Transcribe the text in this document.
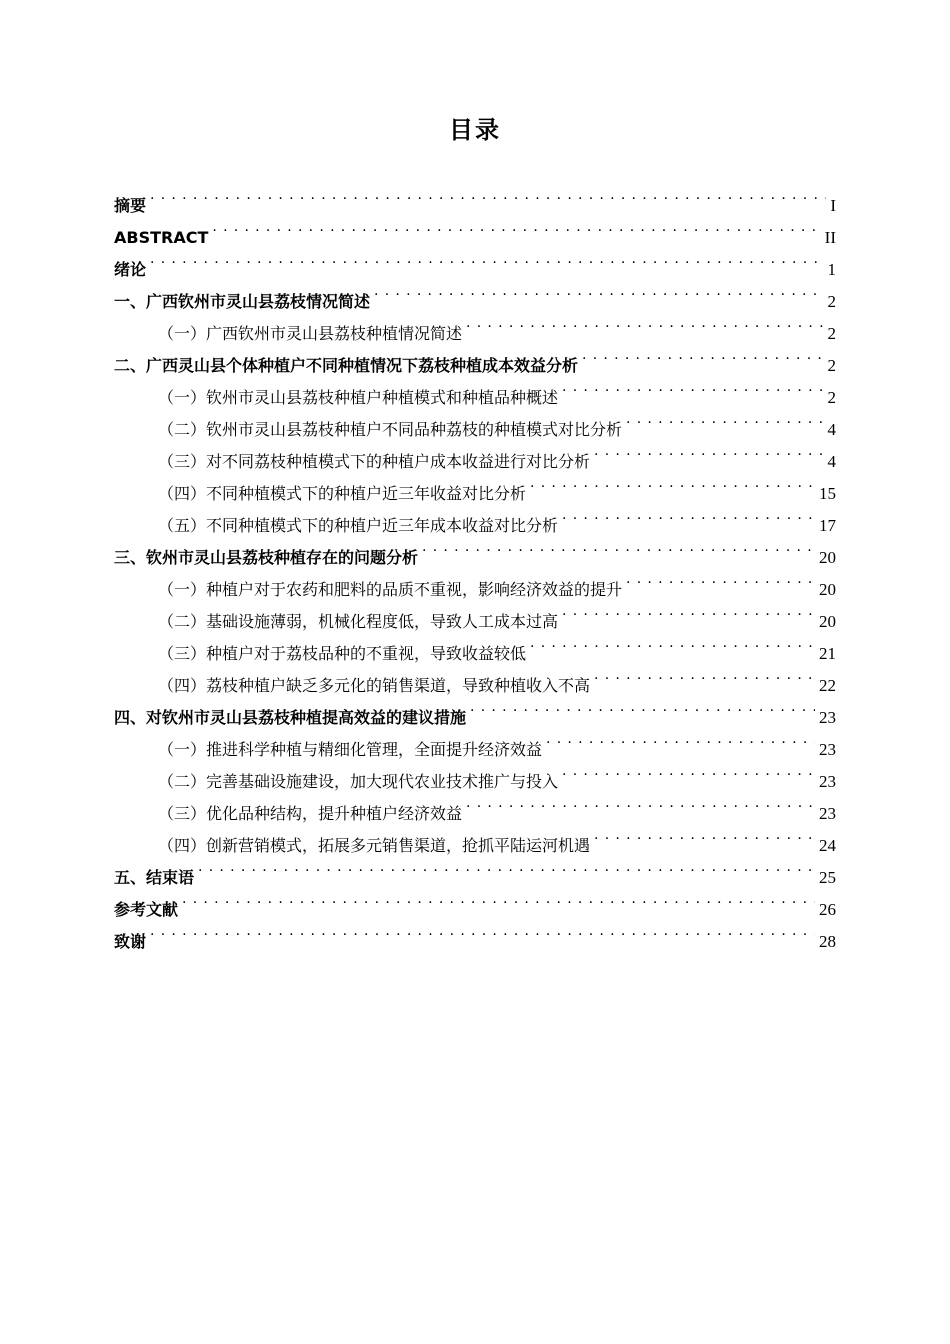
目录
摘要 . . .	I
ABSTRACT . . .	II
绪论 . . .	1
一、广西钦州市灵山县荔枝情况简述 . . .	2
（一）广西钦州市灵山县荔枝种植情况简述 . . .	2
二、广西灵山县个体种植户不同种植情况下荔枝种植成本效益分析 . . .	2
（一）钦州市灵山县荔枝种植户种植模式和种植品种概述 . . .	2
（二）钦州市灵山县荔枝种植户不同品种荔枝的种植模式对比分析 . . .	4
（三）对不同荔枝种植模式下的种植户成本收益进行对比分析 . . .	4
（四）不同种植模式下的种植户近三年收益对比分析 . . .	15
（五）不同种植模式下的种植户近三年成本收益对比分析 . . .	17
三、钦州市灵山县荔枝种植存在的问题分析 . . .	20
（一）种植户对于农药和肥料的品质不重视，影响经济效益的提升 . . .	20
（二）基础设施薄弱，机械化程度低，导致人工成本过高 . . .	20
（三）种植户对于荔枝品种的不重视，导致收益较低 . . .	21
（四）荔枝种植户缺乏多元化的销售渠道，导致种植收入不高 . . .	22
四、对钦州市灵山县荔枝种植提高效益的建议措施 . . .	23
（一）推进科学种植与精细化管理，全面提升经济效益 . . .	23
（二）完善基础设施建设，加大现代农业技术推广与投入 . . .	23
（三）优化品种结构，提升种植户经济效益 . . .	23
（四）创新营销模式，拓展多元销售渠道，抢抓平陆运河机遇 . . .	24
五、结束语 . . .	25
参考文献 . . .	26
致谢 . . .	28
